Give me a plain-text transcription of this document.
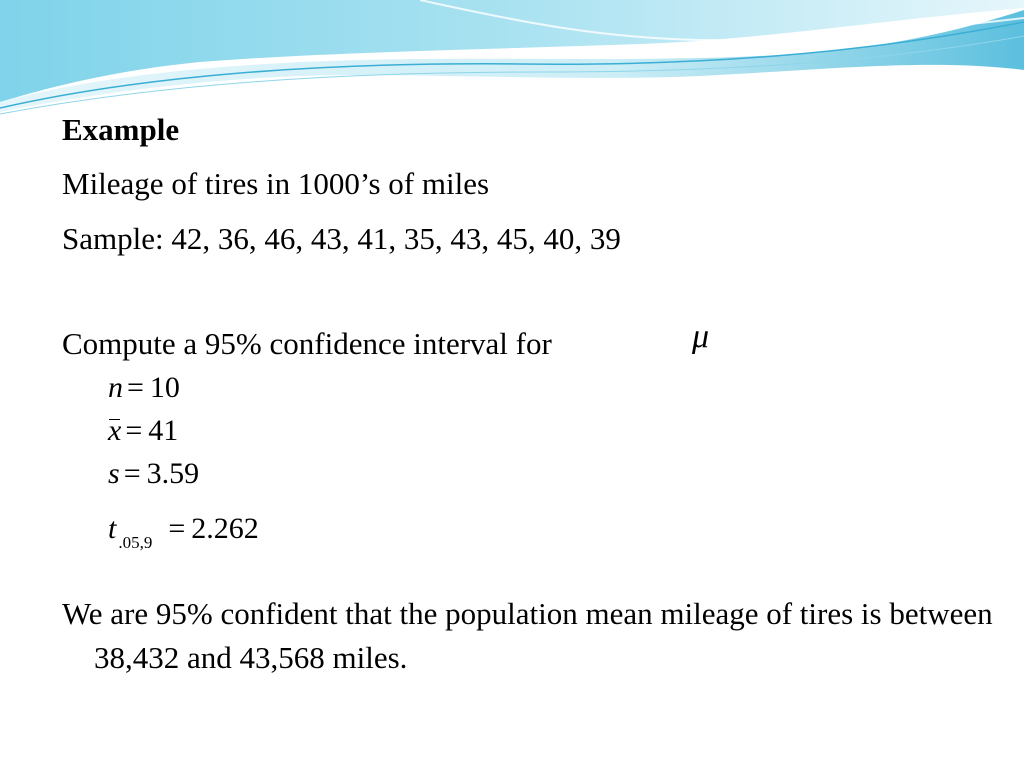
Example
Mileage of tires in 1000’s of miles
Sample: 42, 36, 46, 43, 41, 35, 43, 45, 40, 39
Compute a 95% confidence interval for	μ
n = 10
x = 41
s = 3.59
t $_{.05,9}$ = 2.262
We are 95% confident that the population mean mileage of tires is between 38,432 and 43,568 miles.
